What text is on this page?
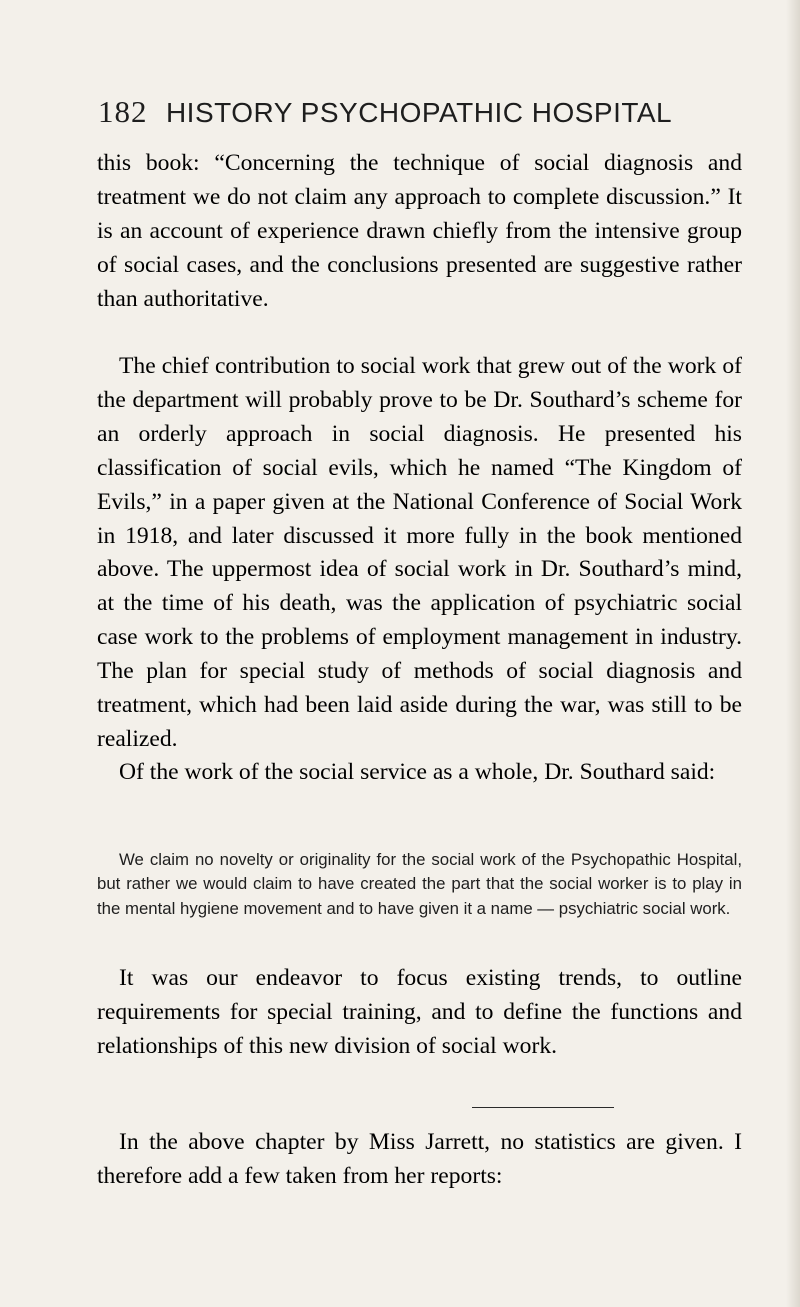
182 HISTORY PSYCHOPATHIC HOSPITAL

this book: “Concerning the technique of social diagnosis and treatment we do not claim any approach to complete discussion.” It is an account of experience drawn chiefly from the intensive group of social cases, and the conclusions presented are suggestive rather than authoritative.

The chief contribution to social work that grew out of the work of the department will probably prove to be Dr. Southard’s scheme for an orderly approach in social diagnosis. He presented his classification of social evils, which he named “The Kingdom of Evils,” in a paper given at the National Conference of Social Work in 1918, and later discussed it more fully in the book mentioned above. The uppermost idea of social work in Dr. Southard’s mind, at the time of his death, was the application of psychiatric social case work to the problems of employment management in industry. The plan for special study of methods of social diagnosis and treatment, which had been laid aside during the war, was still to be realized.

Of the work of the social service as a whole, Dr. Southard said:

We claim no novelty or originality for the social work of the Psychopathic Hospital, but rather we would claim to have created the part that the social worker is to play in the mental hygiene movement and to have given it a name — psychiatric social work.

It was our endeavor to focus existing trends, to outline requirements for special training, and to define the functions and relationships of this new division of social work.

In the above chapter by Miss Jarrett, no statistics are given. I therefore add a few taken from her reports:
